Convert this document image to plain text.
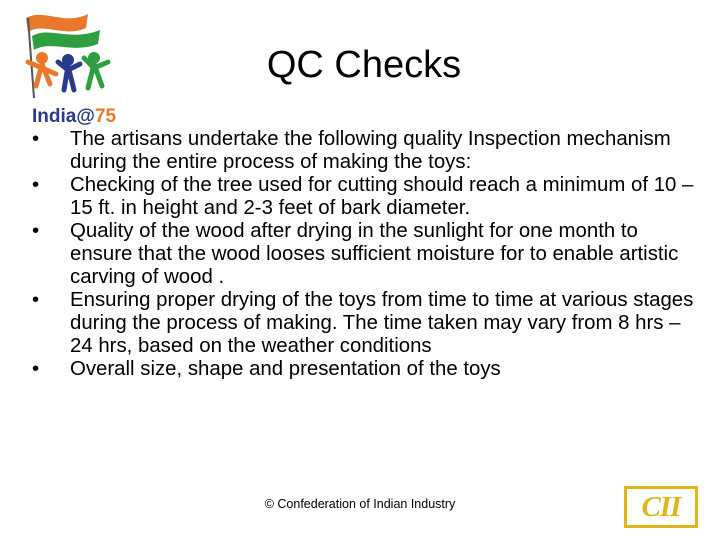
India@75
QC Checks
• The artisans undertake the following quality Inspection mechanism during the entire process of making the toys:
• Checking of the tree used for cutting should reach a minimum of 10 – 15 ft. in height and 2-3 feet of bark diameter.
• Quality of the wood after drying in the sunlight for one month to ensure that the wood looses sufficient moisture for to enable artistic carving of wood .
• Ensuring proper drying of the toys from time to time at various stages during the process of making. The time taken may vary from 8 hrs – 24 hrs, based on the weather conditions
• Overall size, shape and presentation of the toys
© Confederation of Indian Industry	CII
